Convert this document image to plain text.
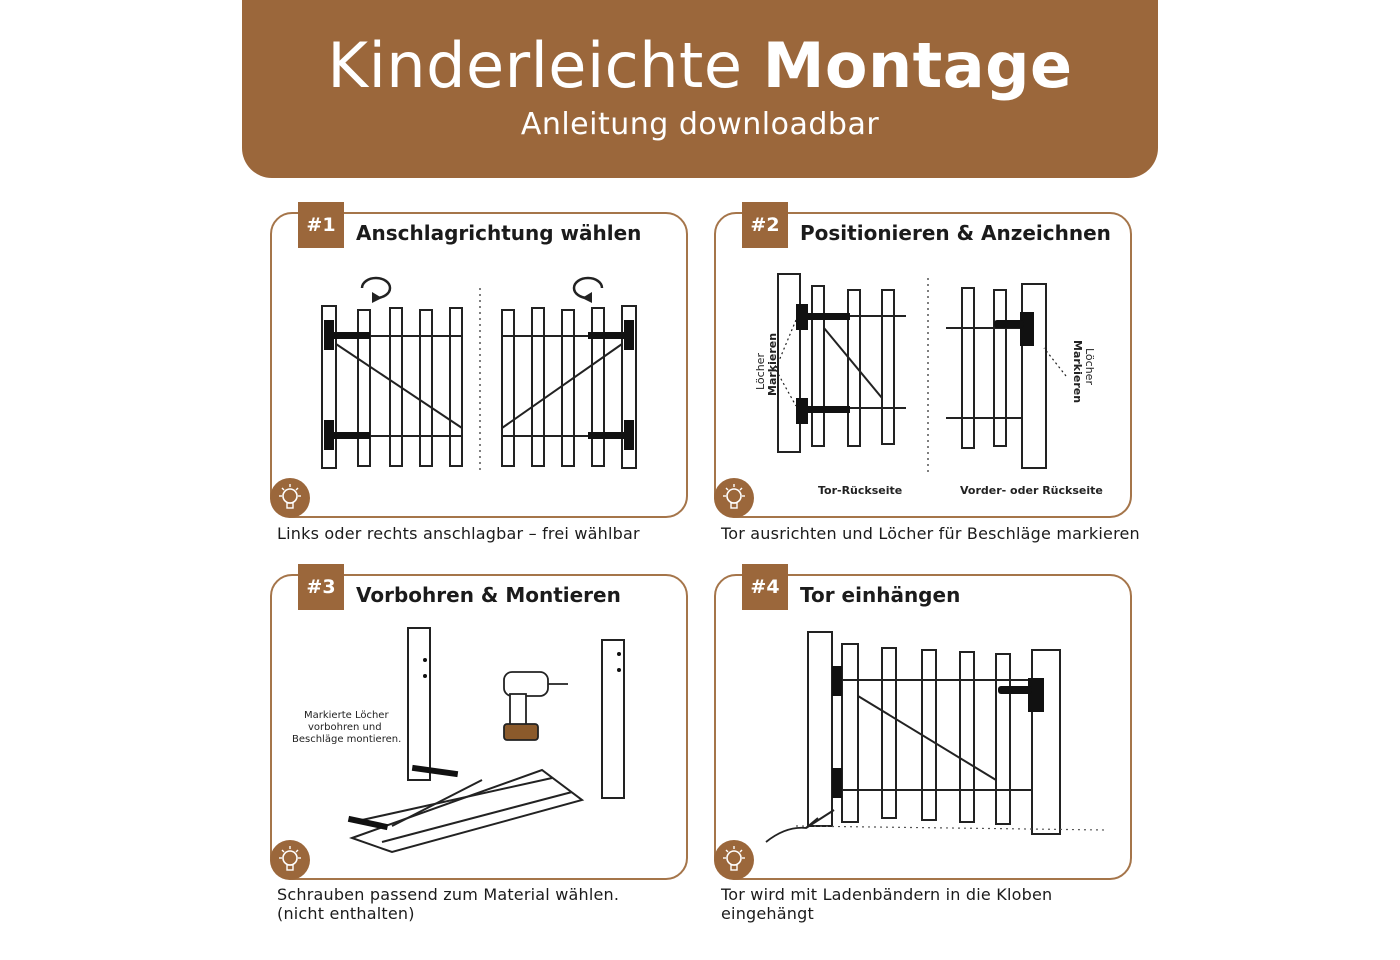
Kinderleichte Montage
Anleitung downloadbar
#1	Anschlagrichtung wählen
Links oder rechts anschlagbar – frei wählbar
#2	Positionieren & Anzeichnen
Löcher Markieren	Markieren Löcher
Tor-Rückseite	Vorder- oder Rückseite
Tor ausrichten und Löcher für Beschläge markieren
#3	Vorbohren & Montieren
Markierte Löcher vorbohren und Beschläge montieren.
Schrauben passend zum Material wählen.
(nicht enthalten)
#4	Tor einhängen
Tor wird mit Ladenbändern in die Kloben
eingehängt
